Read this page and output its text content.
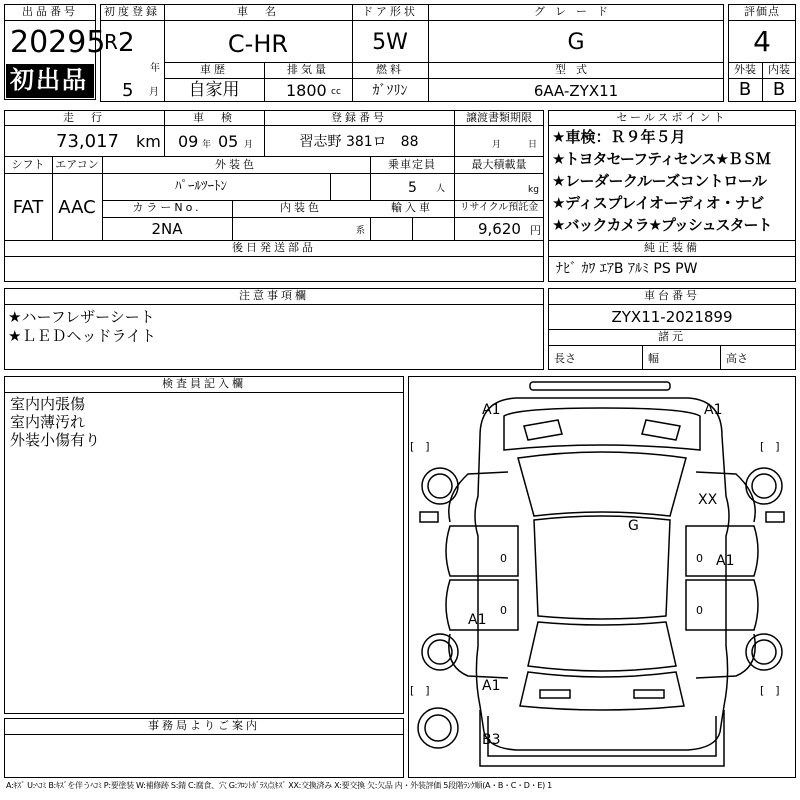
出品番号
20295
初出品
初度登録
R 2
年
5 月
車　名
C-HR
ドア形状
5W
グレード
G
車歴
自家用
排気量
1800 cc
燃料
ｶﾞｿﾘﾝ
型式
6AA-ZYX11
評価点
4
外装	内装
B	B
走　行
73,017 km
車　検
09 年 05 月
登録番号
習志野 381ロ　88
譲渡書類期限
月	日
シフト
FAT
エアコン
AAC
外装色
ﾊﾟｰﾙﾂｰﾄﾝ
乗車定員
5 人
最大積載量
kg
カラーNo.
2NA
内装色
系
輸入車	リサイクル預託金
9,620 円
後日発送部品
セールスポイント
★車検：Ｒ９年５月
★トヨタセーフティセンス★ＢＳＭ
★レーダークルーズコントロール
★ディスプレイオーディオ・ナビ
★バックカメラ★プッシュスタート
純正装備
ﾅﾋﾞ ｶﾜ ｴｱB ｱﾙﾐ PS PW
注意事項欄
★ハーフレザーシート
★ＬＥＤヘッドライト
車台番号
ZYX11-2021899
諸元
長さ	幅	高さ
検査員記入欄
室内内張傷
室内薄汚れ
外装小傷有り
事務局よりご案内
A1	A1
XX
G
A1
A1
A1
B3
0
0
0
0
[　]	[　]
[　]	[　]
A:ｷｽﾞ U:ﾍｺﾐ B:ｷｽﾞを伴うﾍｺﾐ P:要塗装 W:補修跡 S:錆 C:腐食、穴 G:ﾌﾛﾝﾄｶﾞﾗｽ点ｷｽﾞ XX:交換済み X:要交換 欠:欠品 内・外装評価 5段階ﾗﾝｸ順(A・B・C・D・E) 1
